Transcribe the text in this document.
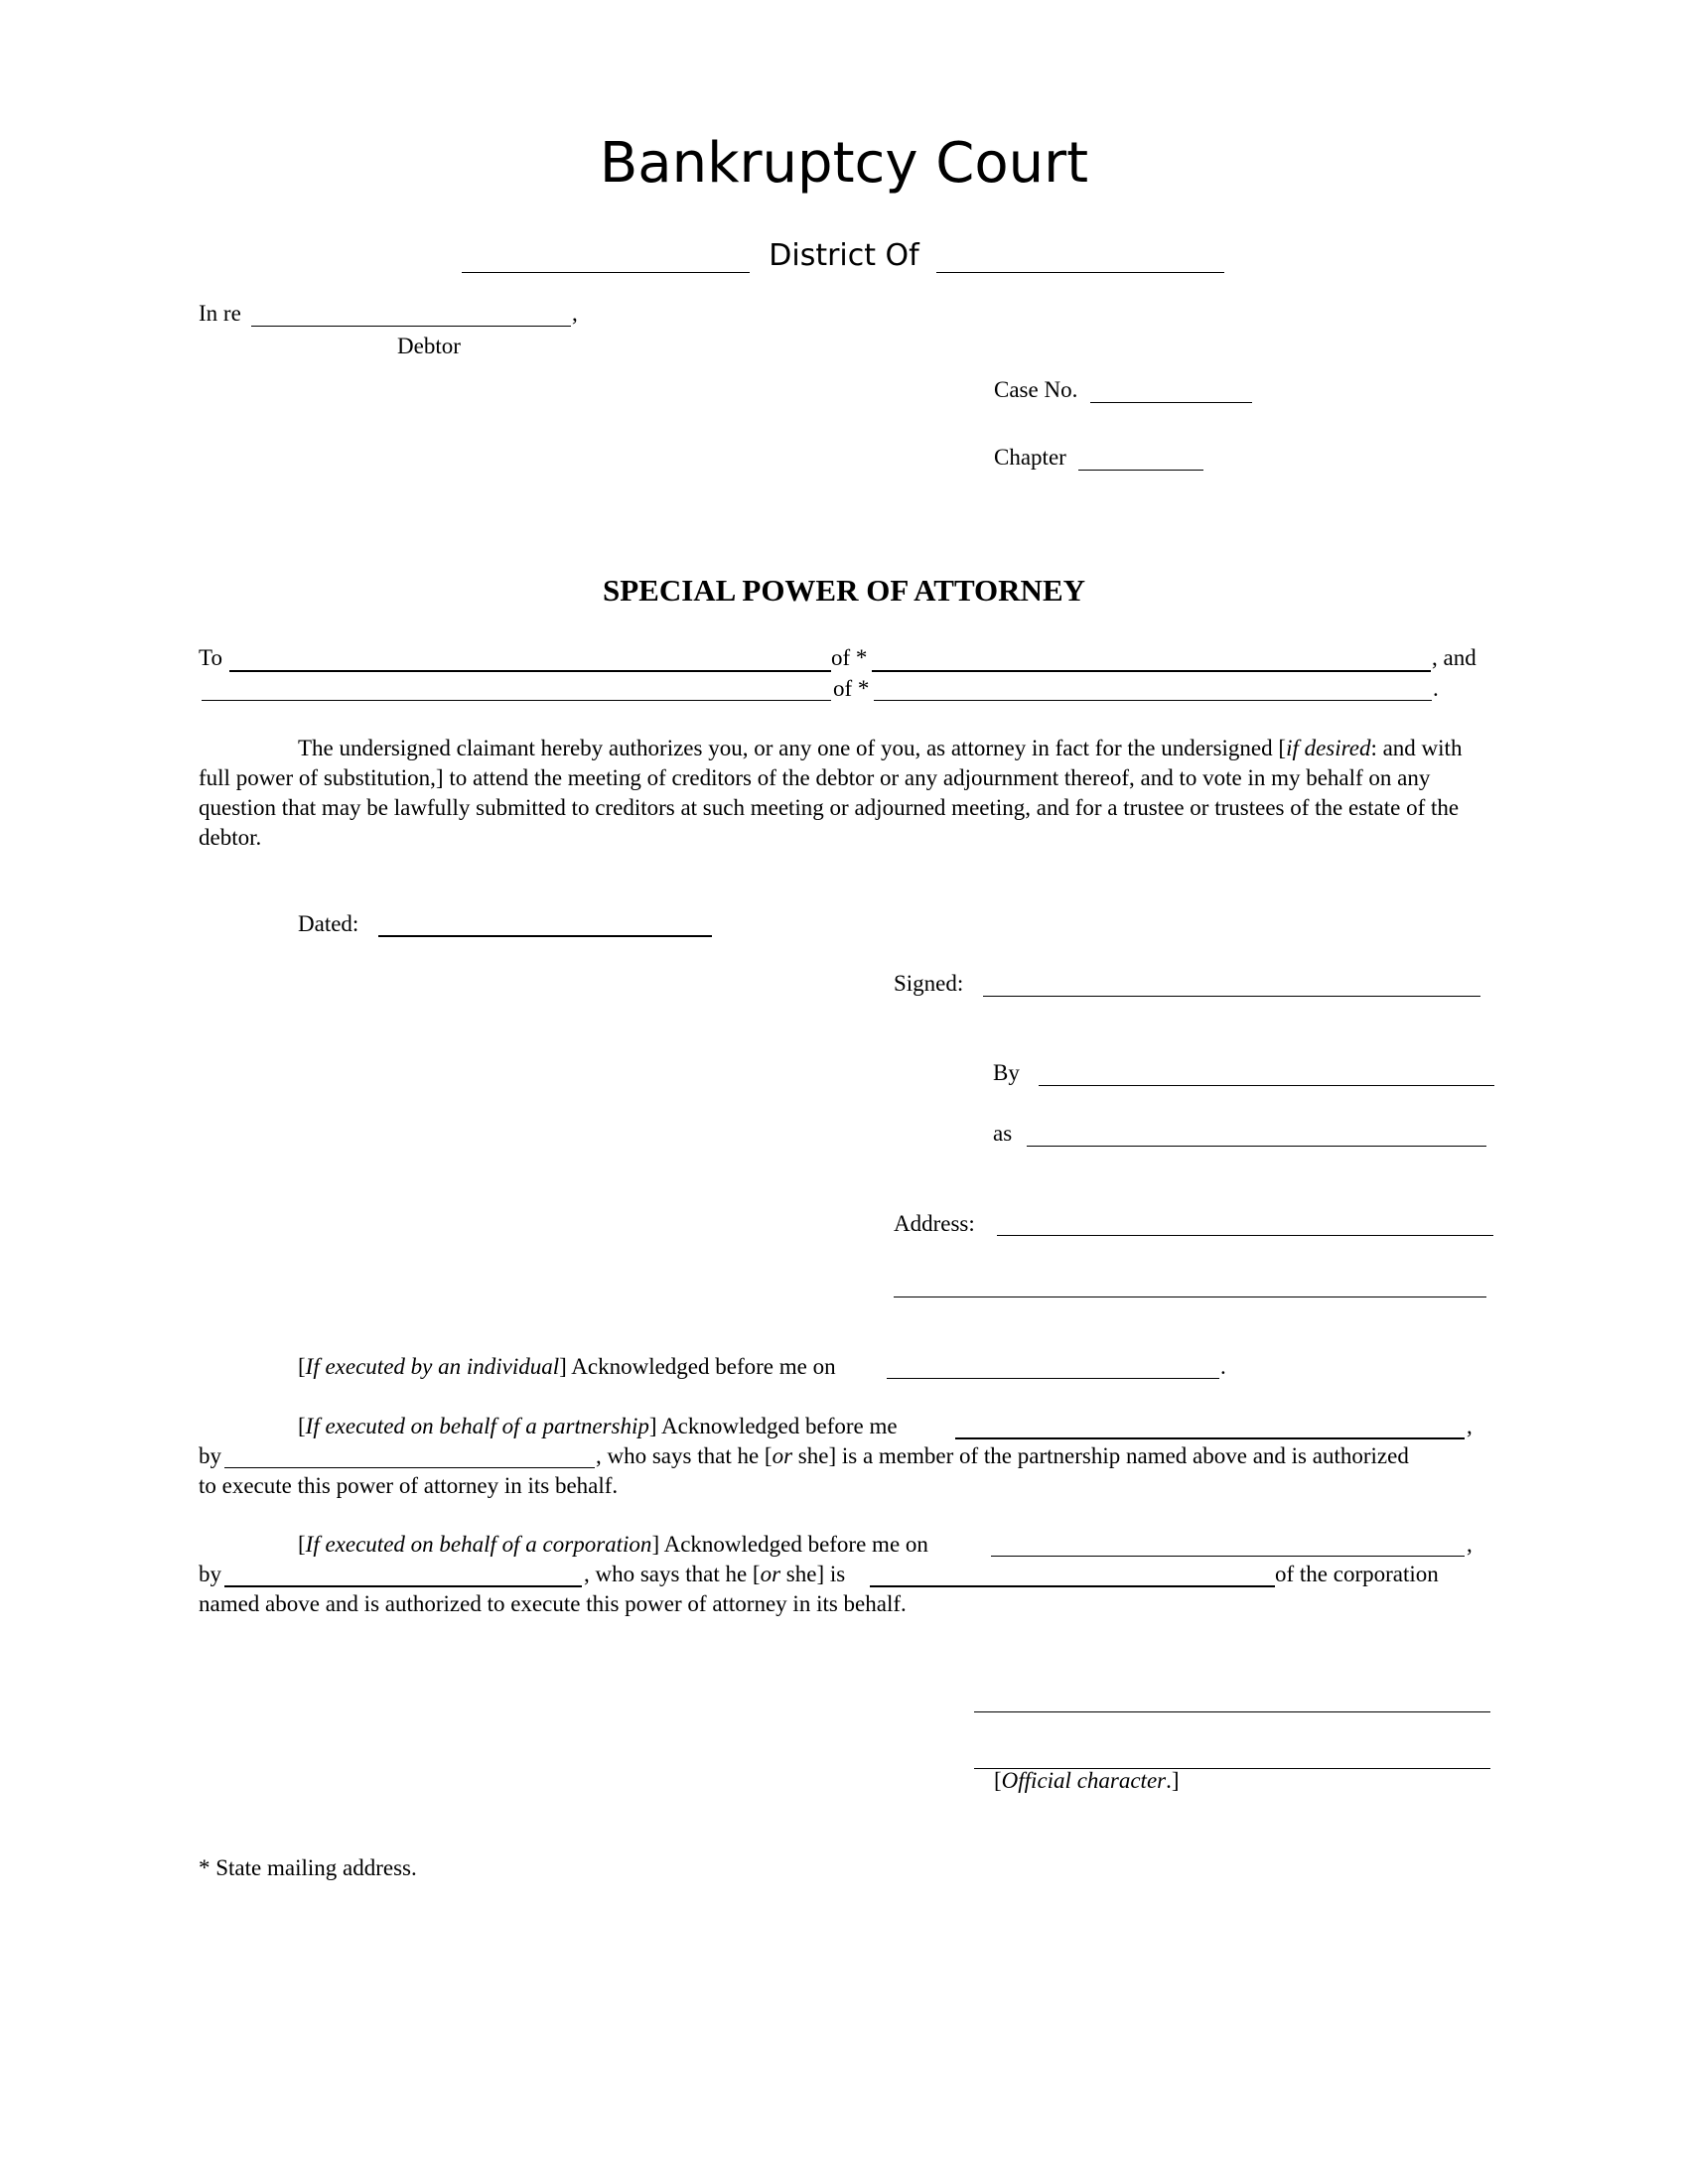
Bankruptcy Court
District Of
In re	,
Debtor
Case No.
Chapter
SPECIAL POWER OF ATTORNEY
To	of *	, and
of *	.
The undersigned claimant hereby authorizes you, or any one of you, as attorney in fact for the undersigned [if desired: and with full power of substitution,] to attend the meeting of creditors of the debtor or any adjournment thereof, and to vote in my behalf on any question that may be lawfully submitted to creditors at such meeting or adjourned meeting, and for a trustee or trustees of the estate of the debtor.
Dated:
Signed:
By
as
Address:
[If executed by an individual] Acknowledged before me on	.
[If executed on behalf of a partnership] Acknowledged before me	,
by	, who says that he [or she] is a member of the partnership named above and is authorized
to execute this power of attorney in its behalf.
[If executed on behalf of a corporation] Acknowledged before me on	,
by	, who says that he [or she] is	of the corporation
named above and is authorized to execute this power of attorney in its behalf.
[Official character.]
* State mailing address.
